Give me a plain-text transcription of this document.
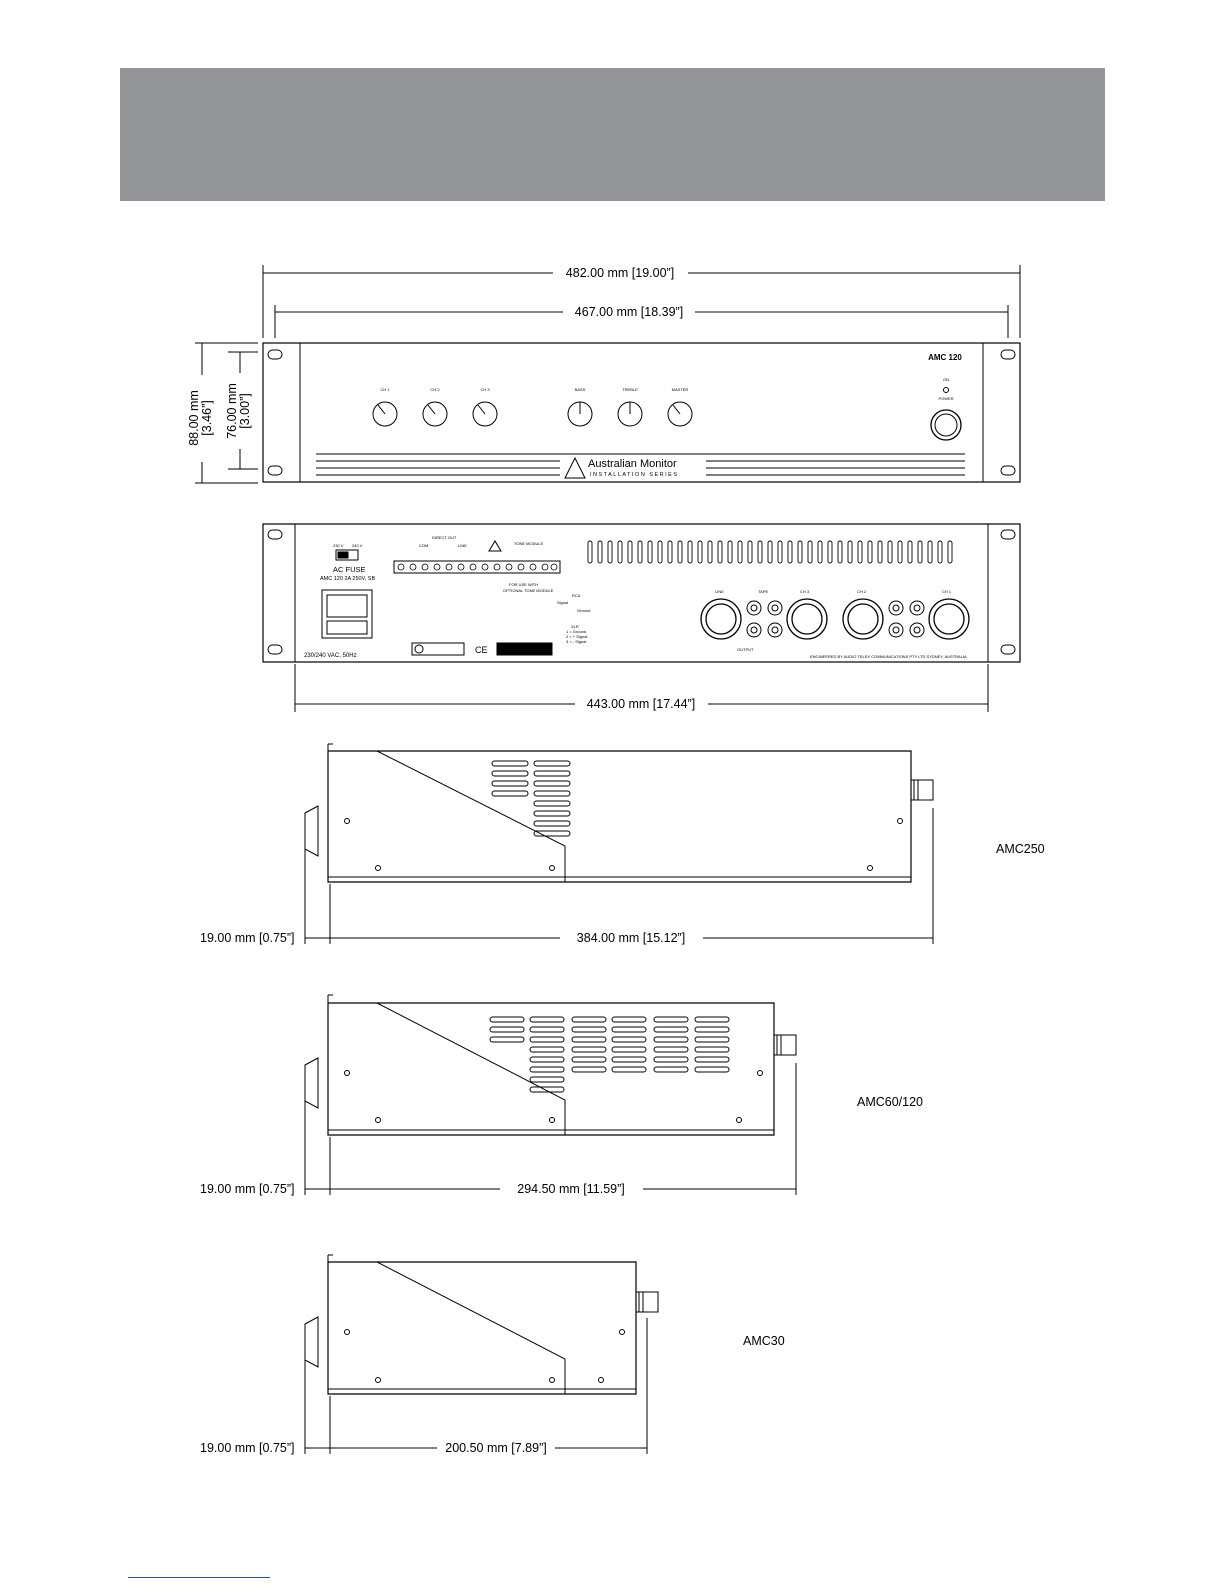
482.00 mm [19.00”]
467.00 mm [18.39”]
88.00 mm [3.46”] 76.00 mm [3.00”]
AMC 120
CH 1	CH 2	CH 3	BASS	TREBLE	MASTER
ON
POWER
Australian Monitor
INSTALLATION SERIES
230 V 240 V
AC FUSE
AMC 120 2A 250V, SB
230/240 VAC, 50Hz
DIRECT OUT
COM	LINE	TONE MODULE
FOR USE WITH
OPTIONAL TONE MODULE
RCA
Signal
Ground
XLR
1 = Ground
2 = + Signal
3 = - Signal
LINE	TAPE	CH 3	CH 2	CH 1
OUTPUT
CE
ENGINEERED BY AUDIO TELEX COMMUNICATIONS PTY LTD SYDNEY, AUSTRALIA
443.00 mm [17.44”]
19.00 mm [0.75”]	384.00 mm [15.12”]
AMC250
19.00 mm [0.75”]	294.50 mm [11.59”]
AMC60/120
19.00 mm [0.75”]	200.50 mm [7.89”]
AMC30
